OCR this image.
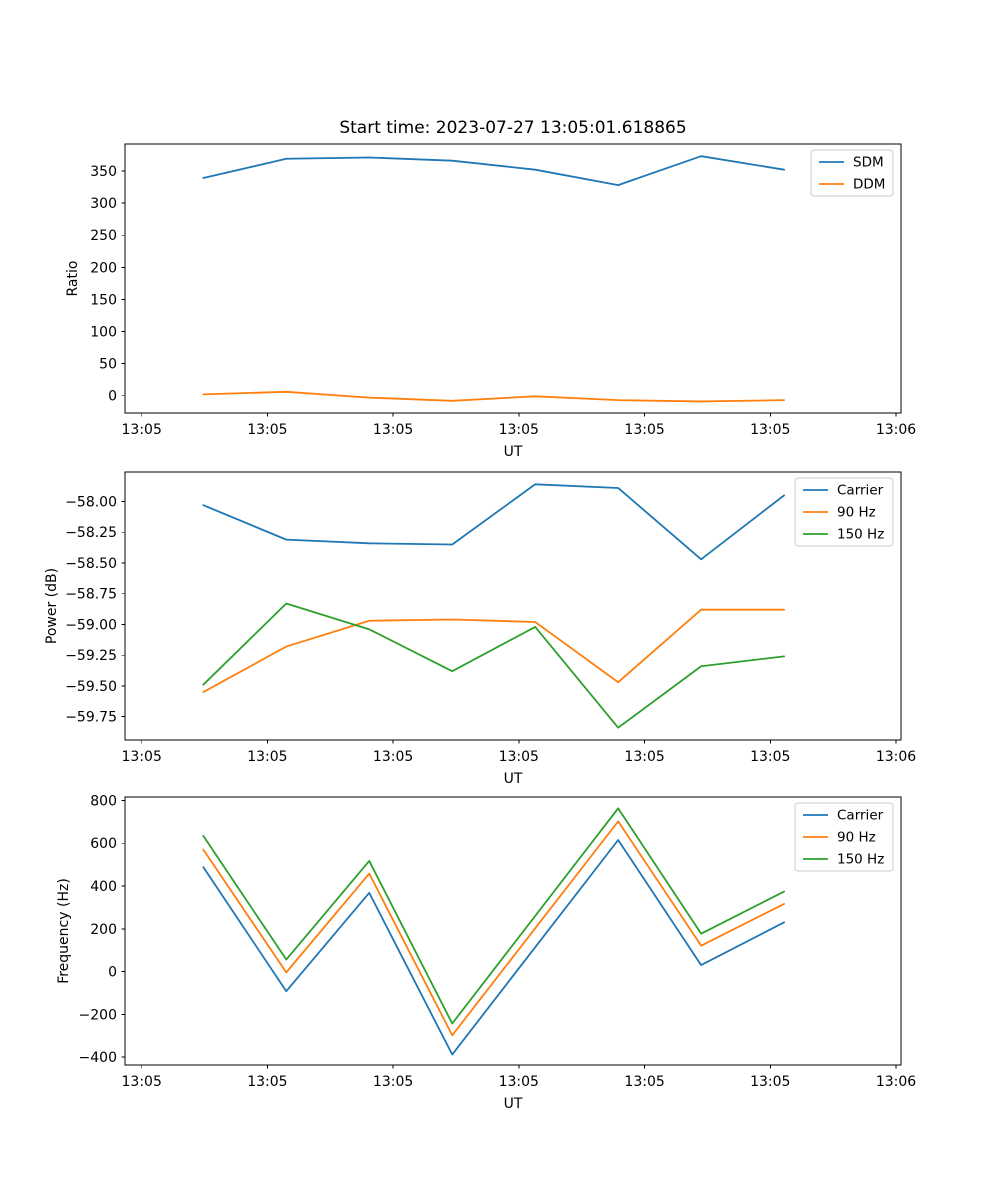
Start time: 2023-07-27 13:05:01.618865
13:05	13:05	13:05	13:05	13:05	13:05	13:06
UT
0
50
100
150
200
250
300
350
Ratio
SDM
DDM
13:05	13:05	13:05	13:05	13:05	13:05	13:06
UT
−58.00
−58.25
−58.50
−58.75
−59.00
−59.25
−59.50
−59.75
Power (dB)
Carrier
90 Hz
150 Hz
13:05	13:05	13:05	13:05	13:05	13:05	13:06
UT
−400
−200
0
200
400
600
800
Frequency (Hz)
Carrier
90 Hz
150 Hz
